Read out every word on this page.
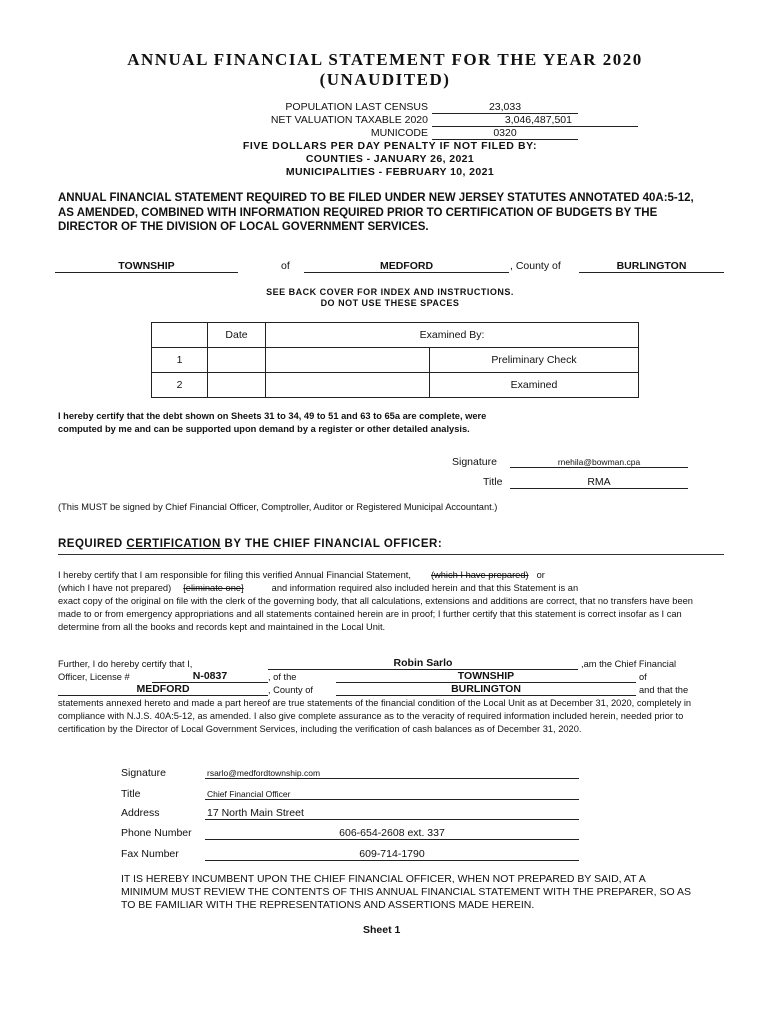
ANNUAL FINANCIAL STATEMENT FOR THE YEAR 2020
(UNAUDITED)
POPULATION LAST CENSUS	23,033
NET VALUATION TAXABLE 2020	3,046,487,501
MUNICODE	0320
FIVE DOLLARS PER DAY PENALTY IF NOT FILED BY:
COUNTIES - JANUARY 26, 2021
MUNICIPALITIES - FEBRUARY 10, 2021
ANNUAL FINANCIAL STATEMENT REQUIRED TO BE FILED UNDER NEW JERSEY STATUTES ANNOTATED 40A:5-12, AS AMENDED, COMBINED WITH INFORMATION REQUIRED PRIOR TO CERTIFICATION OF BUDGETS BY THE DIRECTOR OF THE DIVISION OF LOCAL GOVERNMENT SERVICES.
TOWNSHIP	of	MEDFORD	, County of	BURLINGTON
SEE BACK COVER FOR INDEX AND INSTRUCTIONS.
DO NOT USE THESE SPACES
	Date	Examined By:	
1			Preliminary Check
2			Examined
I hereby certify that the debt shown on Sheets 31 to 34, 49 to 51 and 63 to 65a are complete, were computed by me and can be supported upon demand by a register or other detailed analysis.
Signature	rnehila@bowman.cpa
Title	RMA
(This MUST be signed by Chief Financial Officer, Comptroller, Auditor or Registered Municipal Accountant.)
REQUIRED CERTIFICATION BY THE CHIEF FINANCIAL OFFICER:
I hereby certify that I am responsible for filing this verified Annual Financial Statement, (which I have prepared) or
(which I have not prepared) [eliminate one]	and information required also included herein and that this Statement is an
exact copy of the original on file with the clerk of the governing body, that all calculations, extensions and additions are correct, that no transfers have been made to or from emergency appropriations and all statements contained herein are in proof; I further certify that this statement is correct insofar as I can determine from all the books and records kept and maintained in the Local Unit.
Further, I do hereby certify that I,	Robin Sarlo	,am the Chief Financial
Officer, License #	N-0837	, of the	TOWNSHIP	of
MEDFORD	, County of	BURLINGTON	and that the
statements annexed hereto and made a part hereof are true statements of the financial condition of the Local Unit as at December 31, 2020, completely in compliance with N.J.S. 40A:5-12, as amended. I also give complete assurance as to the veracity of required information included herein, needed prior to certification by the Director of Local Government Services, including the verification of cash balances as of December 31, 2020.
Signature	rsarlo@medfordtownship.com
Title	Chief Financial Officer
Address	17 North Main Street
Phone Number	606-654-2608 ext. 337
Fax Number	609-714-1790
IT IS HEREBY INCUMBENT UPON THE CHIEF FINANCIAL OFFICER, WHEN NOT PREPARED BY SAID, AT A MINIMUM MUST REVIEW THE CONTENTS OF THIS ANNUAL FINANCIAL STATEMENT WITH THE PREPARER, SO AS TO BE FAMILIAR WITH THE REPRESENTATIONS AND ASSERTIONS MADE HEREIN.
Sheet 1
